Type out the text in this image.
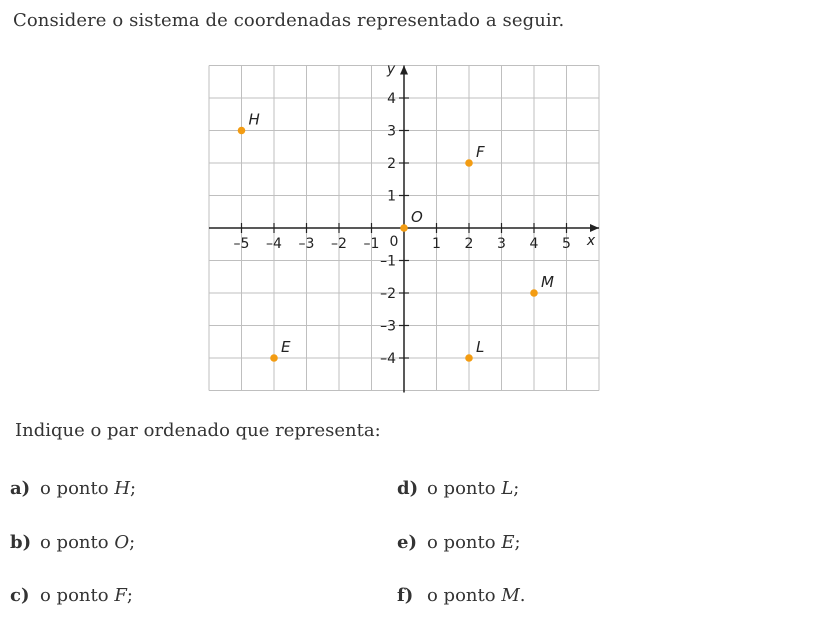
Considere o sistema de coordenadas representado a seguir.
–5 –4 –3 –2 –1	1 2 3 4 5
–4
–3
–2
–1
1
2
3
4
0	x
y
H
F
O
M
E	L
Indique o par ordenado que representa:
a) o ponto H;
b) o ponto O;
c) o ponto F;
d) o ponto L;
e) o ponto E;
f) o ponto M.
